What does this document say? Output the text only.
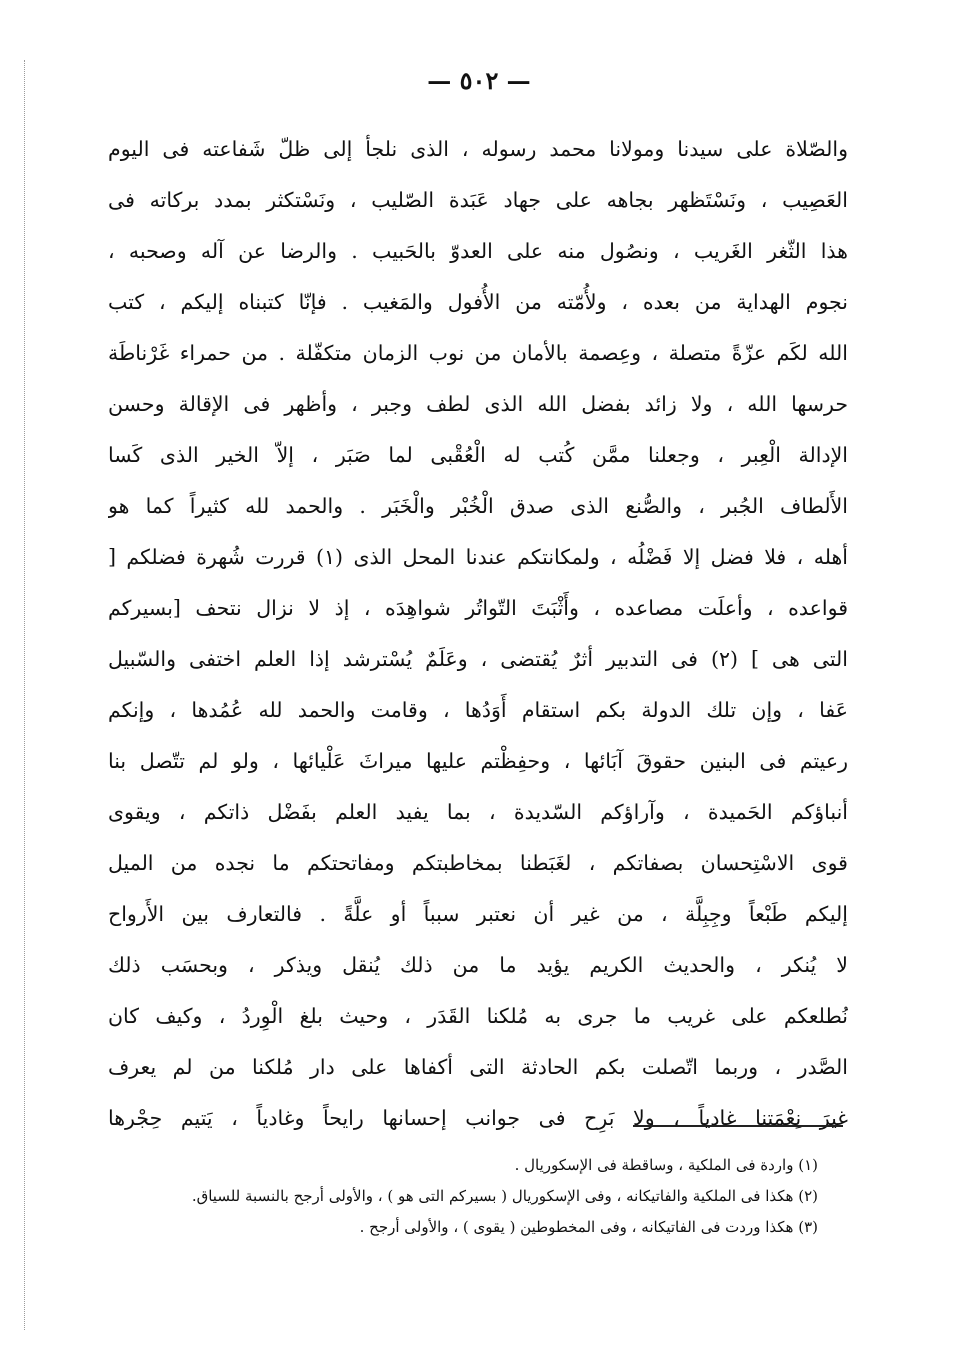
— ٥٠٢ —
والصّلاة على سيدنا ومولانا محمد رسوله ، الذى نلجأ إلى ظلّ شَفاعته فى اليوم
العَصِيب ، ونَسْتَظهر بجاهه على جهاد عَبَدة الصّليب ، ونَسْتكثر بمدد بركاته فى
هذا الثّغر الغَريب ، ونصُول منه على العدوّ بالحَبيب . والرضا عن آله وصحبه ،
نجوم الهداية من بعده ، ولأُمّته من الأُفول والمَغيب . فإنّا كتبناه إليكم ، كتب
الله لكَم عزّةً متصلة ، وعِصمة بالأمان من نوب الزمان متكفّلة . من حمراء غَرْناطَة
حرسها الله ، ولا زائد بفضل الله الذى لطف وجبر ، وأظهر فى الإقالة وحسن
الإدالة الْعِبر ، وجعلنا ممَّن كُتب له الْعُقْبى لما صَبَر ، إلاّ الخير الذى كَسا
الأَلطاف الجُبر ، والصُّنع الذى صدق الْخُبْر والْخَبَر . والحمد لله كثيراً كما هو
أهله ، فلا فضل إلا فَضْلُه ، ولمكانتكم عندنا المحل الذى (١) قررت شُهرة فضلكم [
قواعده ، وأعلَت مصاعده ، وأَثْبَتَ التّواتُر شواهِدَه ، إذ لا نزال نتحف [بسيركم
التى هى ] (٢) فى التدبير أثرٌ يُقتضى ، وعَلَمٌ يُسْترشد إذا العلم اختفى والسّبيل
عَفا ، وإن تلك الدولة بكم استقام أَوَدُها ، وقامت والحمد لله عُمُدها ، وإنكم
رعيتم فى البنين حقوقَ آبَائها ، وحفِظْتم عليها ميراثَ عَلْيائها ، ولو لم تتّصل بنا
أنباؤكم الحَميدة ، وآراؤكم السّديدة ، بما يفيد العلم بفَضْل ذاتكم ، ويقوى
قوى الاسْتِحسان بصفاتكم ، لغَبَطنا بمخاطبتكم ومفاتحتكم ما نجده من الميل
إليكم طَبْعاً وجِبِلَّة ، من غير أن نعتبر سبباً أو علَّةً . فالتعارف بين الأَرواح
لا يُنكر ، والحديث الكريم يؤيد ما من ذلك يُنقل ويذكر ، وبحسَب ذلك
نُطلعكم على غريب ما جرى به مُلكنا القَدَر ، وحيث بلغ الْوِردُ ، وكيف كان
الصَّدر ، وربما اتّصلت بكم الحادثة التى أكفاها على دار مُلكنا من لم يعرف
غيرَ نِعْمَتنا غادياً ، ولا بَرِح فى جوانب إحسانها رايحاً وغادياً ، يَتيم حِجْرها
(١) واردة فى الملكية ، وساقطة فى الإسكوريال .
(٢) هكذا فى الملكية والفاتيكانه ، وفى الإسكوريال ( بسيركم التى هو ) ، والأولى أرجح بالنسبة للسياق.
(٣) هكذا وردت فى الفاتيكانه ، وفى المخطوطين ( يقوى ) ، والأولى أرجح .
